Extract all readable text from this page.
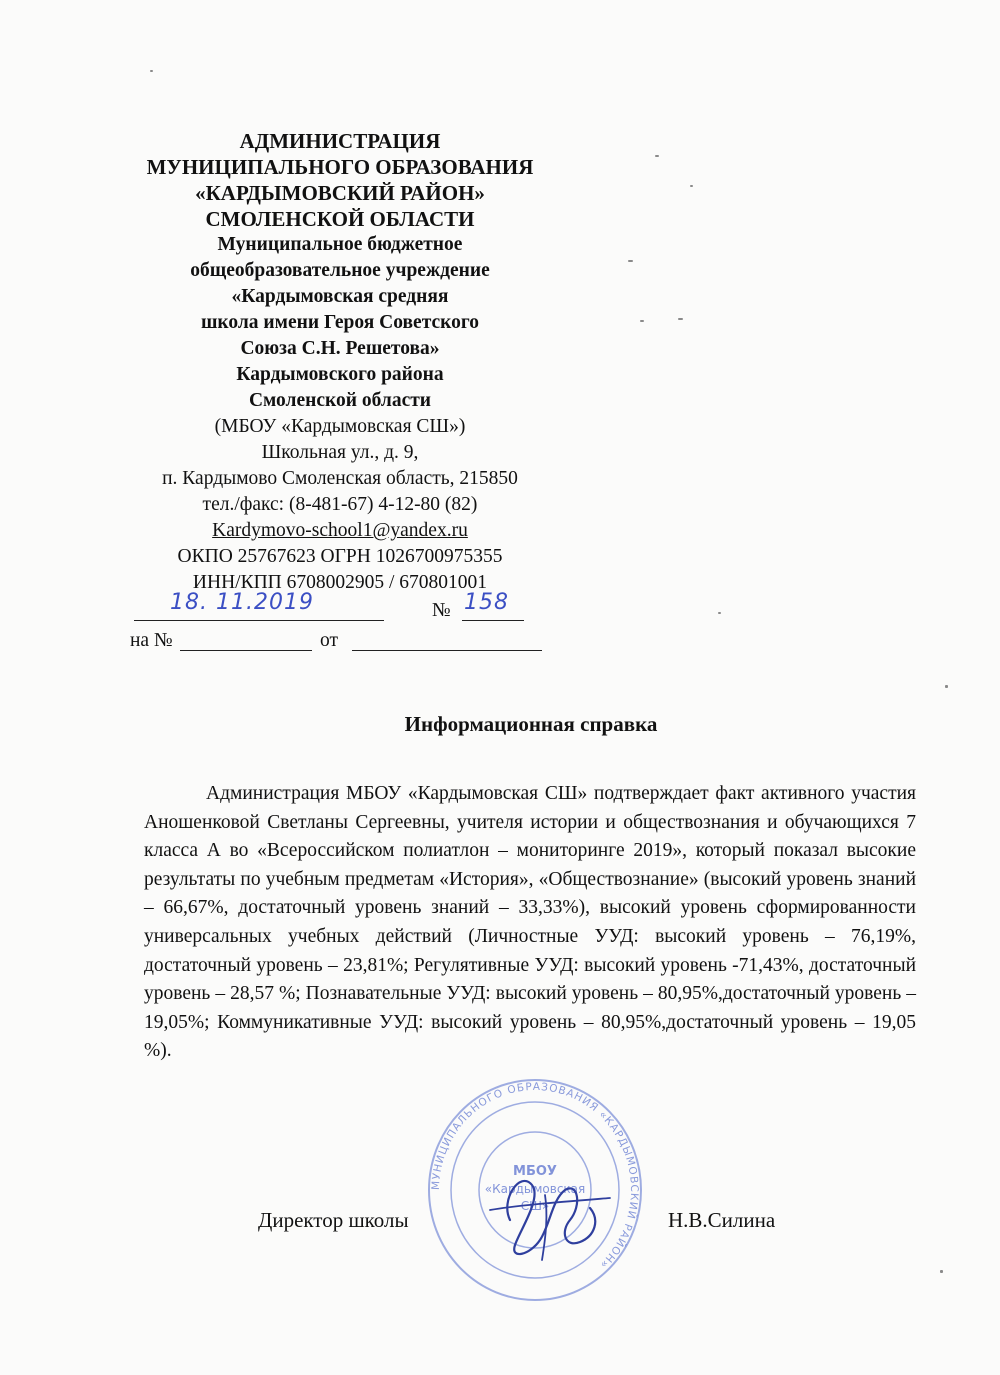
АДМИНИСТРАЦИЯ
МУНИЦИПАЛЬНОГО ОБРАЗОВАНИЯ
«КАРДЫМОВСКИЙ РАЙОН»
СМОЛЕНСКОЙ ОБЛАСТИ
Муниципальное бюджетное
общеобразовательное учреждение
«Кардымовская средняя
школа имени Героя Советского
Союза С.Н. Решетова»
Кардымовского района
Смоленской области
(МБОУ «Кардымовская СШ»)
Школьная ул., д. 9,
п. Кардымово Смоленская область, 215850
тел./факс: (8-481-67) 4-12-80 (82)
Kardymovo-school1@yandex.ru
ОКПО 25767623 ОГРН 1026700975355
ИНН/КПП 6708002905 / 670801001
18. 11.2019	№ 158
на №	от
Информационная справка

Администрация МБОУ «Кардымовская СШ» подтверждает факт активного участия Аношенковой Светланы Сергеевны, учителя истории и обществознания и обучающихся 7 класса А во «Всероссийском полиатлон – мониторинге 2019», который показал высокие результаты по учебным предметам «История», «Обществознание» (высокий уровень знаний – 66,67%, достаточный уровень знаний – 33,33%), высокий уровень сформированности универсальных учебных действий (Личностные УУД: высокий уровень – 76,19%, достаточный уровень – 23,81%; Регулятивные УУД: высокий уровень -71,43%, достаточный уровень – 28,57 %; Познавательные УУД: высокий уровень – 80,95%,достаточный уровень – 19,05%; Коммуникативные УУД: высокий уровень – 80,95%,достаточный уровень – 19,05 %).

МУНИЦИПАЛЬНОГО ОБРАЗОВАНИЯ «КАРДЫМОВСКИЙ РАЙОН»
МБОУ
«Кардымовская
СШ»
Директор школы	Н.В.Силина
